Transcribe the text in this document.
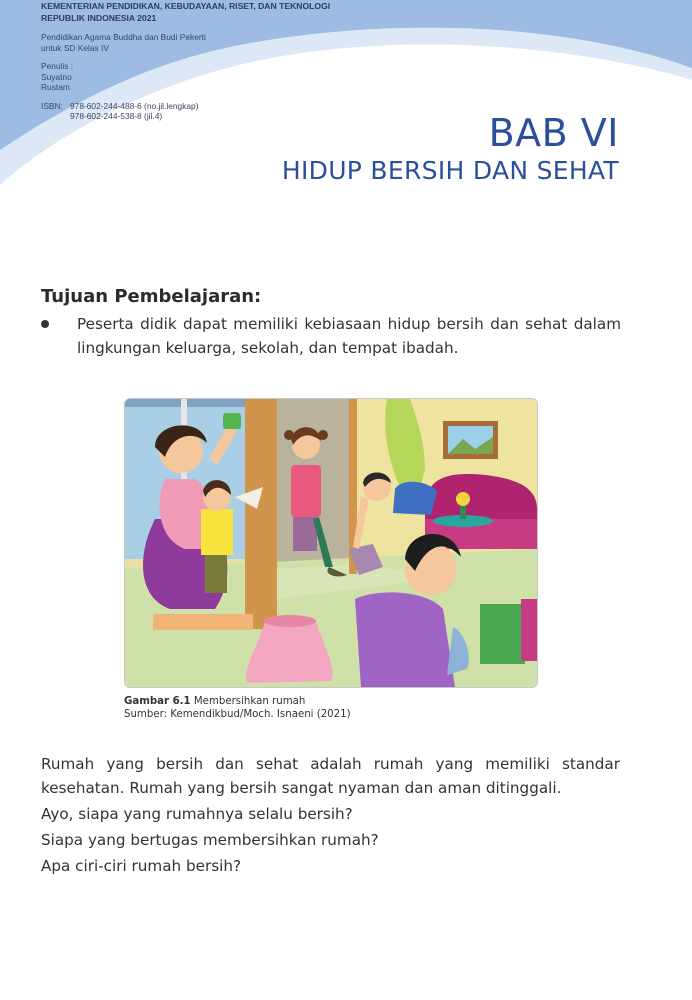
KEMENTERIAN PENDIDIKAN, KEBUDAYAAN, RISET, DAN TEKNOLOGI
REPUBLIK INDONESIA 2021
Pendidikan Agama Buddha dan Budi Pekerti
untuk SD Kelas IV
Penulis :
Suyatno
Rustam
ISBN: 978-602-244-488-6 (no.jil.lengkap)
978-602-244-538-8 (jil.4)	BAB VI
HIDUP BERSIH DAN SEHAT
Tujuan Pembelajaran:
Peserta didik dapat memiliki kebiasaan hidup bersih dan sehat dalam lingkungan keluarga, sekolah, dan tempat ibadah.
Gambar 6.1 Membersihkan rumah
Sumber: Kemendikbud/Moch. Isnaeni (2021)

Rumah yang bersih dan sehat adalah rumah yang memiliki standar kesehatan. Rumah yang bersih sangat nyaman dan aman ditinggali.

Ayo, siapa yang rumahnya selalu bersih?

Siapa yang bertugas membersihkan rumah?

Apa ciri-ciri rumah bersih?
